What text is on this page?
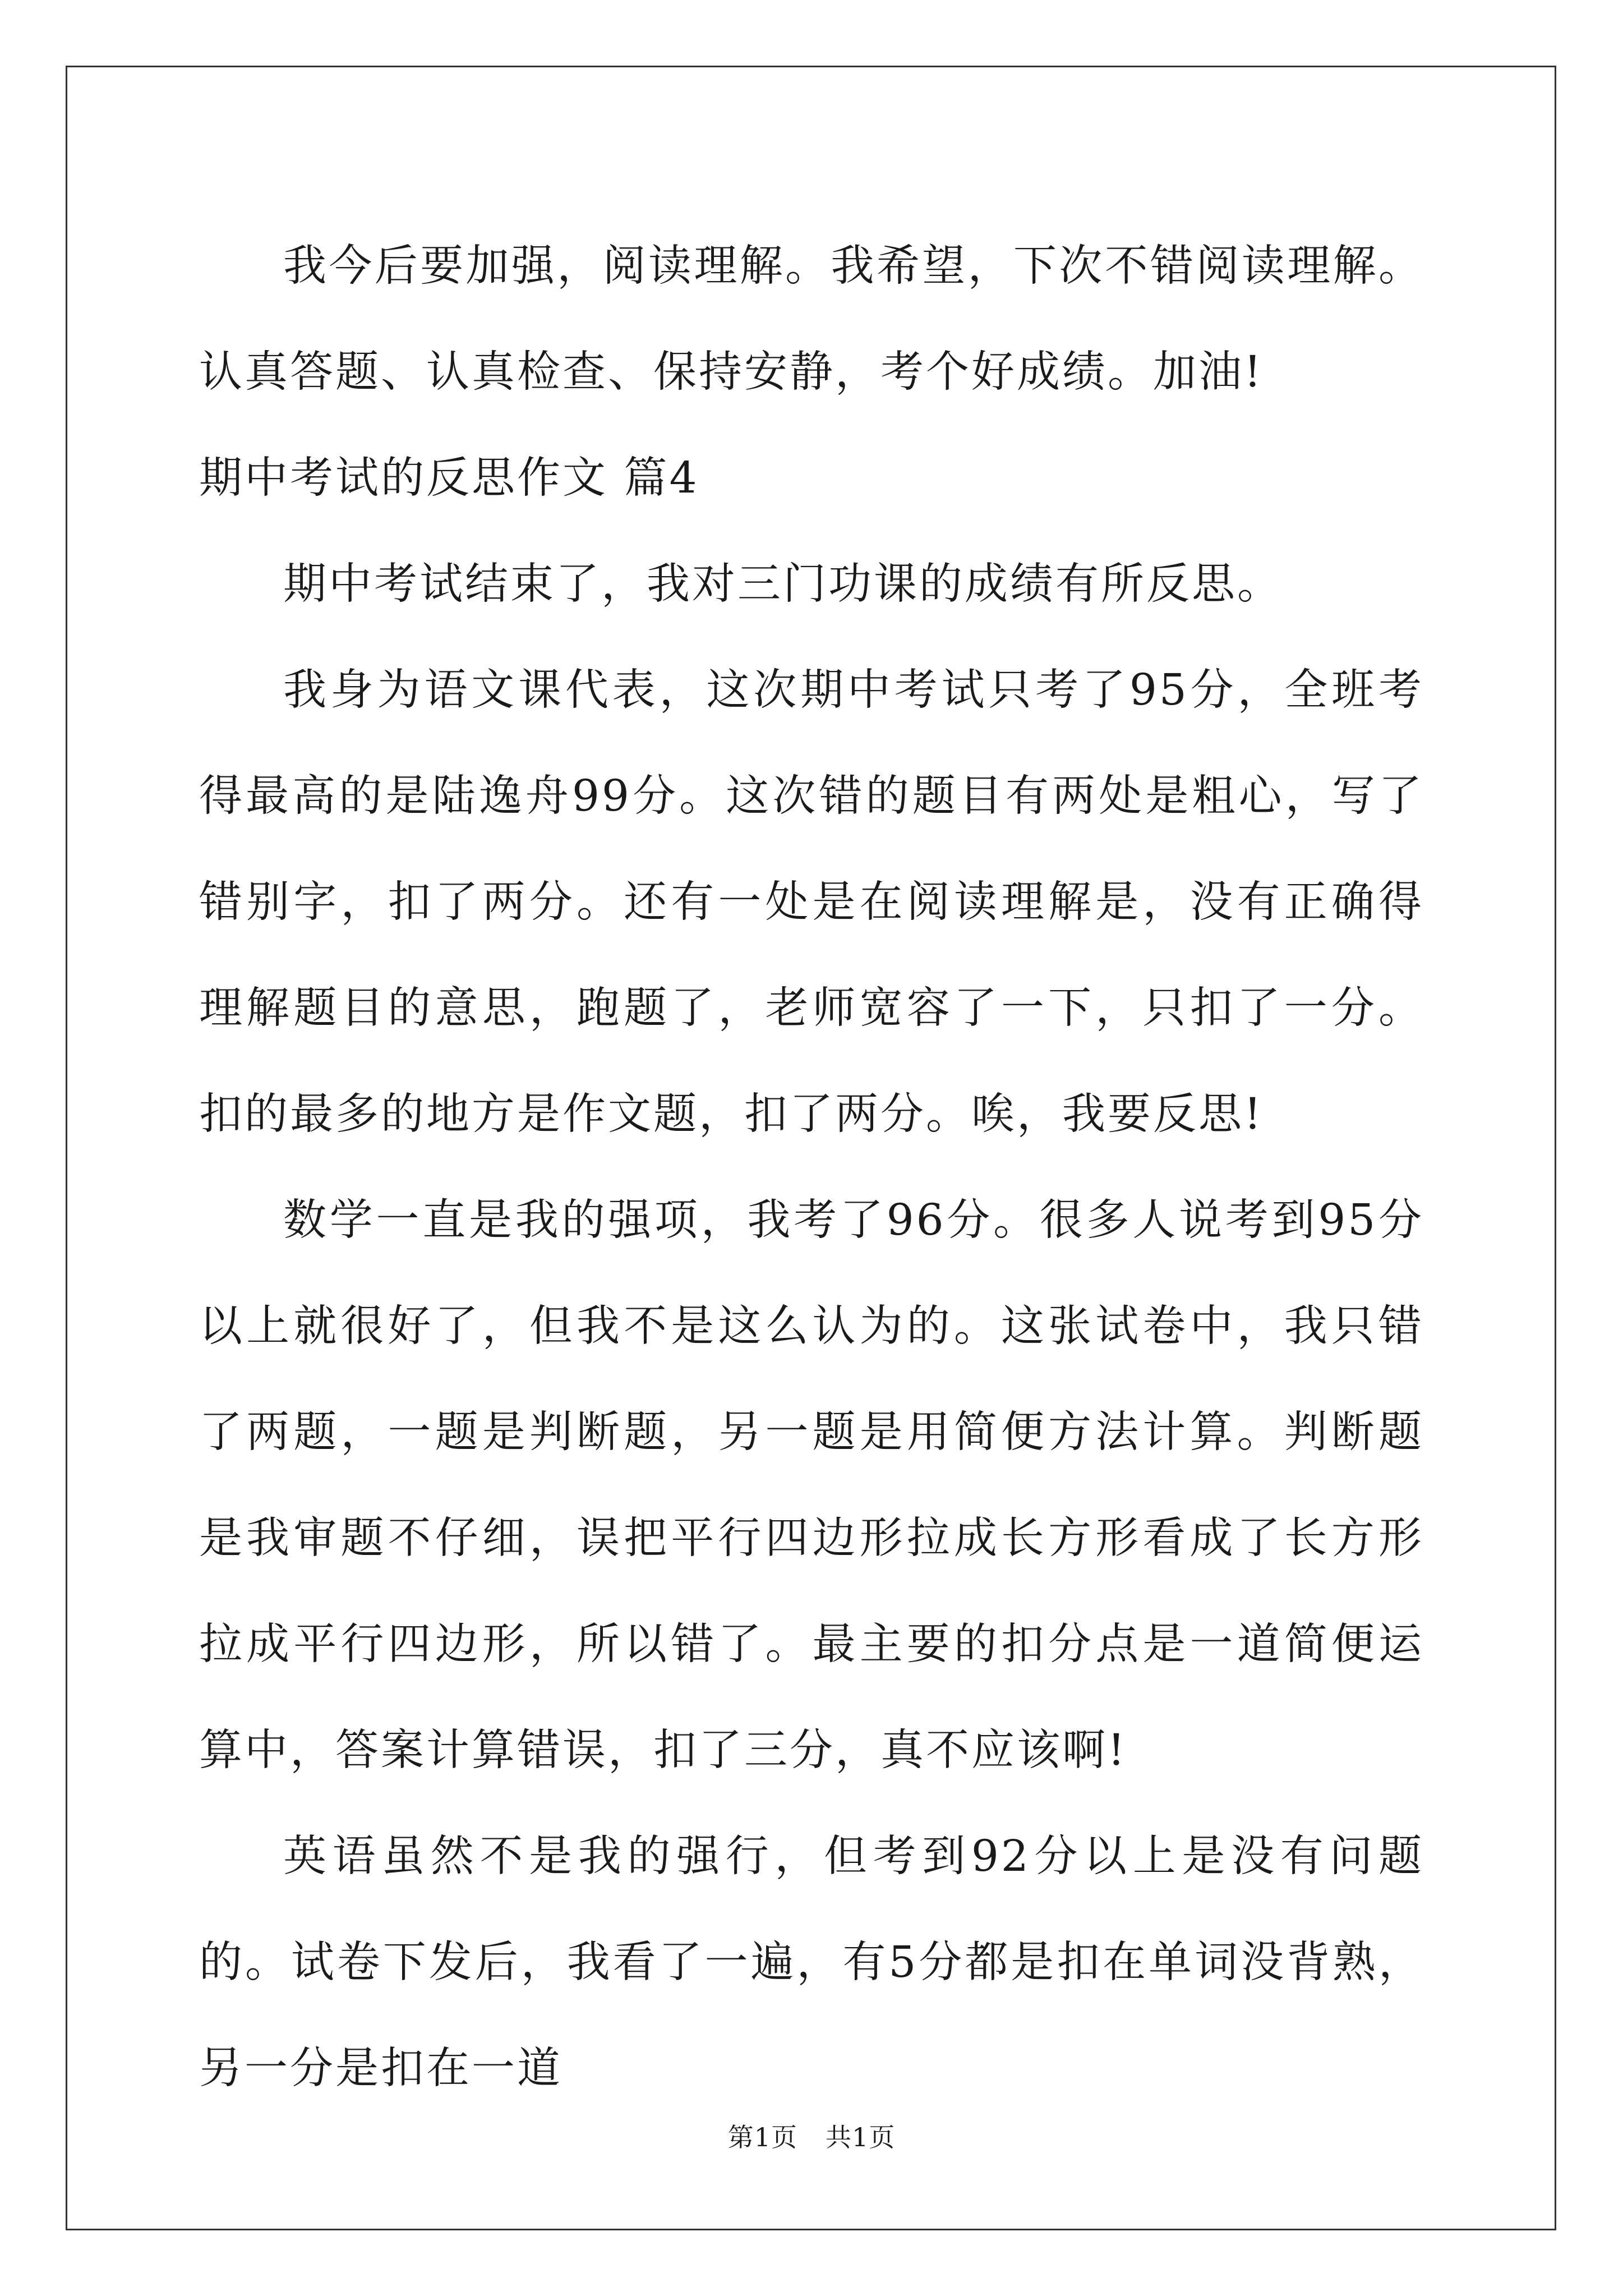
我今后要加强，阅读理解。我希望，下次不错阅读理解。认真答题、认真检查、保持安静，考个好成绩。加油!

期中考试的反思作文 篇4

期中考试结束了，我对三门功课的成绩有所反思。

我身为语文课代表，这次期中考试只考了95分，全班考得最高的是陆逸舟99分。这次错的题目有两处是粗心，写了错别字，扣了两分。还有一处是在阅读理解是，没有正确得理解题目的意思，跑题了，老师宽容了一下，只扣了一分。扣的最多的地方是作文题，扣了两分。唉，我要反思!

数学一直是我的强项，我考了96分。很多人说考到95分以上就很好了，但我不是这么认为的。这张试卷中，我只错了两题，一题是判断题，另一题是用简便方法计算。判断题是我审题不仔细，误把平行四边形拉成长方形看成了长方形拉成平行四边形，所以错了。最主要的扣分点是一道简便运算中，答案计算错误，扣了三分，真不应该啊!

英语虽然不是我的强行，但考到92分以上是没有问题的。试卷下发后，我看了一遍，有5分都是扣在单词没背熟，另一分是扣在一道

第1页 共1页
